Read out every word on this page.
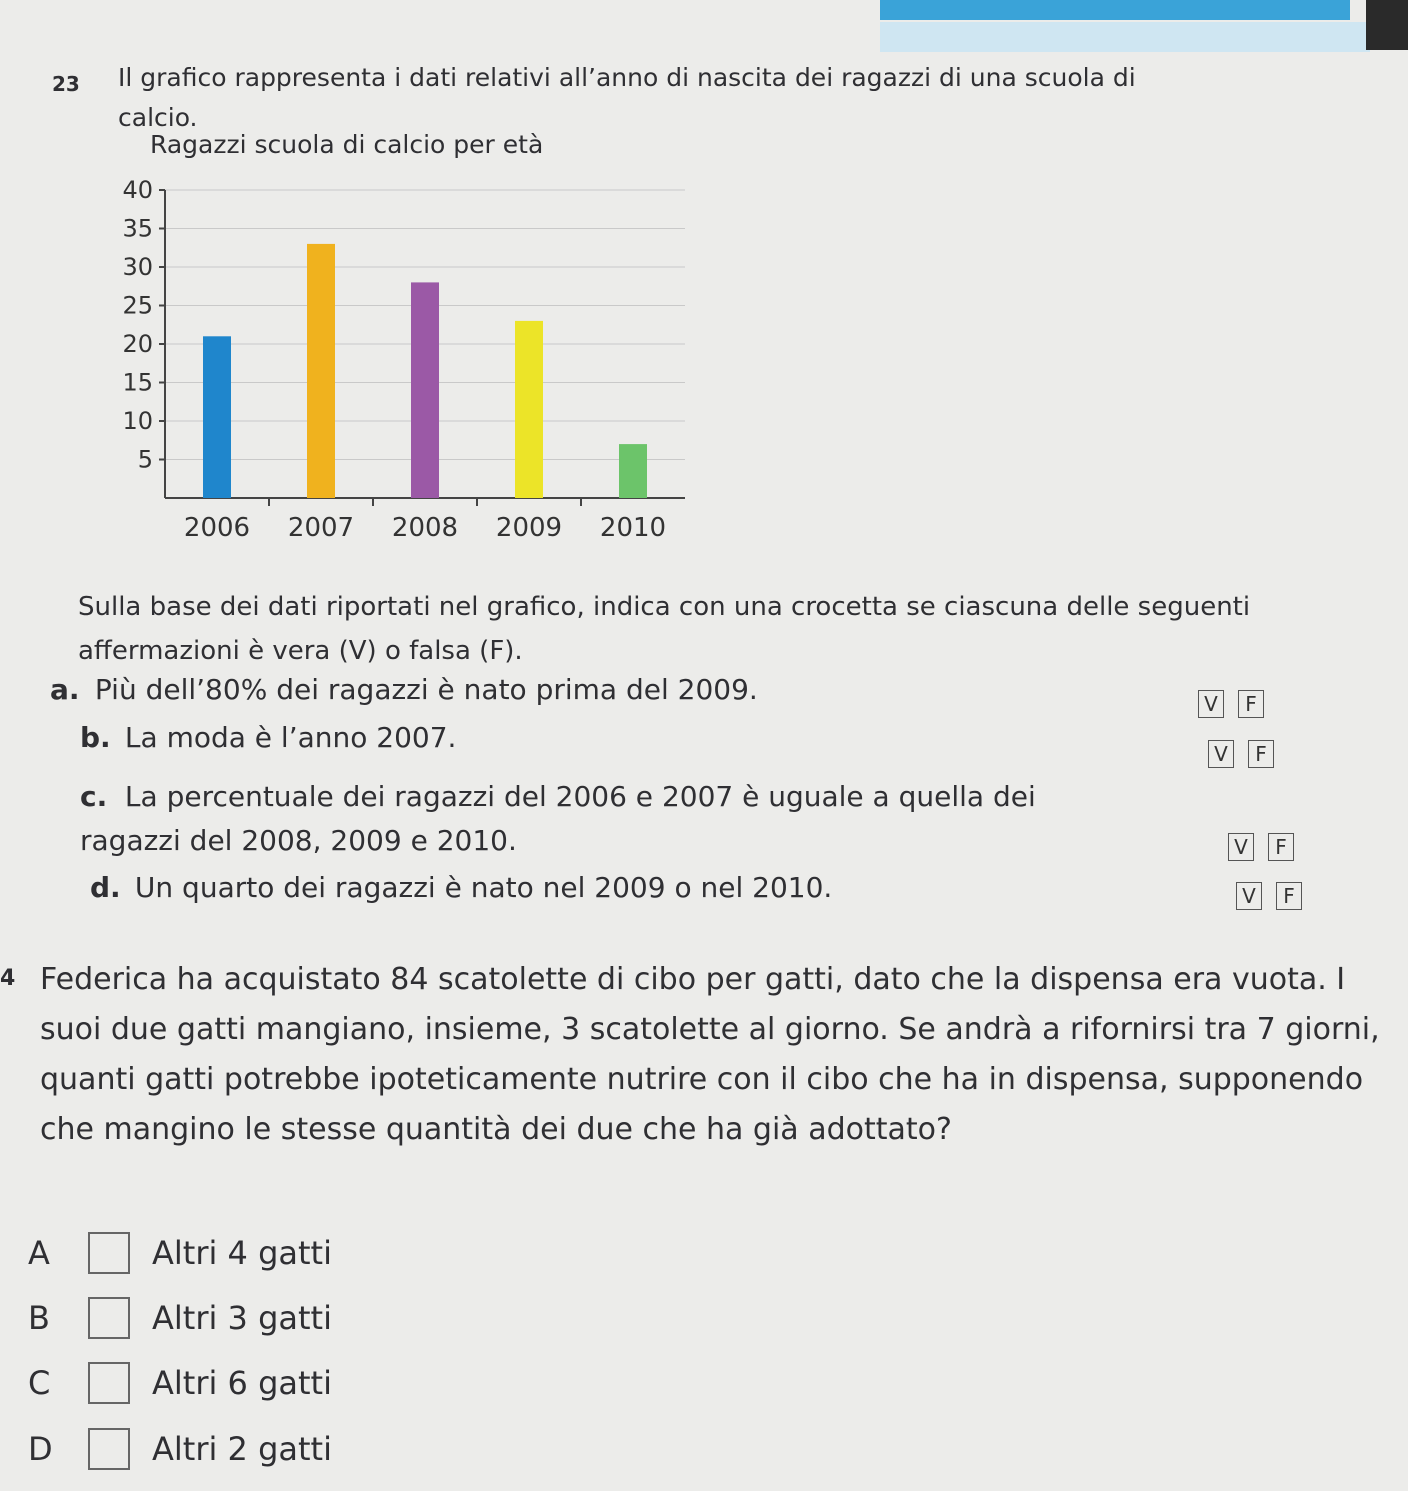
23 Il grafico rappresenta i dati relativi all’anno di nascita dei ragazzi di una scuola di calcio.
Ragazzi scuola di calcio per età
5
10
15
20
25
30
35
40
2006 2007 2008 2009 2010
Sulla base dei dati riportati nel grafico, indica con una crocetta se ciascuna delle seguenti affermazioni è vera (V) o falsa (F).
a. Più dell’80% dei ragazzi è nato prima del 2009.	V	F
b. La moda è l’anno 2007.	V	F
c. La percentuale dei ragazzi del 2006 e 2007 è uguale a quella dei ragazzi del 2008, 2009 e 2010.	V	F
d. Un quarto dei ragazzi è nato nel 2009 o nel 2010.	V	F
4 Federica ha acquistato 84 scatolette di cibo per gatti, dato che la dispensa era vuota. I suoi due gatti mangiano, insieme, 3 scatolette al giorno. Se andrà a rifornirsi tra 7 giorni, quanti gatti potrebbe ipoteticamente nutrire con il cibo che ha in dispensa, supponendo che mangino le stesse quantità dei due che ha già adottato?
A	Altri 4 gatti
B	Altri 3 gatti
C	Altri 6 gatti
D	Altri 2 gatti
